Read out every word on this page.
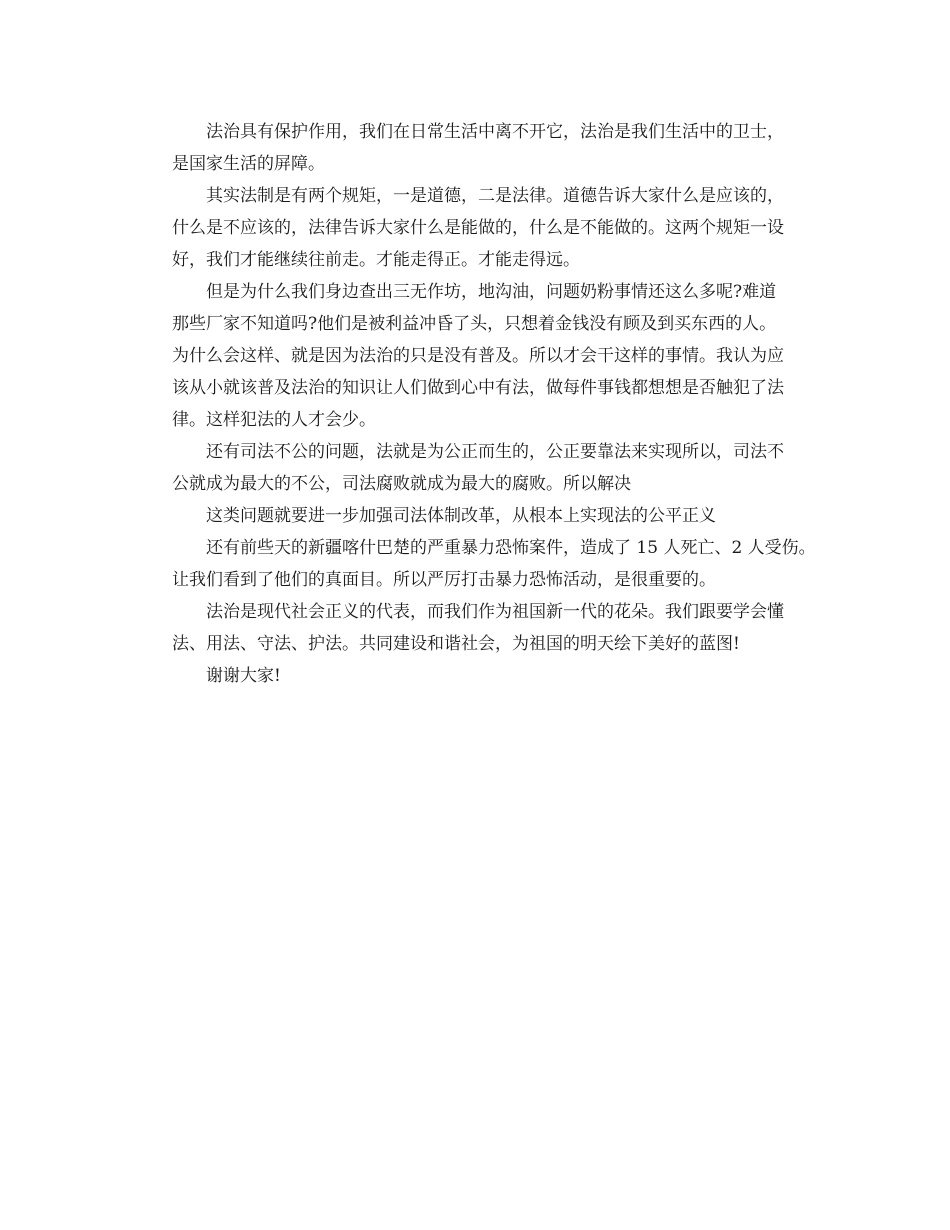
法治具有保护作用，我们在日常生活中离不开它，法治是我们生活中的卫士，
是国家生活的屏障。
其实法制是有两个规矩，一是道德，二是法律。道德告诉大家什么是应该的，
什么是不应该的，法律告诉大家什么是能做的，什么是不能做的。这两个规矩一设
好，我们才能继续往前走。才能走得正。才能走得远。
但是为什么我们身边查出三无作坊，地沟油，问题奶粉事情还这么多呢?难道
那些厂家不知道吗?他们是被利益冲昏了头，只想着金钱没有顾及到买东西的人。
为什么会这样、就是因为法治的只是没有普及。所以才会干这样的事情。我认为应
该从小就该普及法治的知识让人们做到心中有法，做每件事钱都想想是否触犯了法
律。这样犯法的人才会少。
还有司法不公的问题，法就是为公正而生的，公正要靠法来实现所以，司法不
公就成为最大的不公，司法腐败就成为最大的腐败。所以解决
这类问题就要进一步加强司法体制改革，从根本上实现法的公平正义
还有前些天的新疆喀什巴楚的严重暴力恐怖案件，造成了 15 人死亡、2 人受伤。
让我们看到了他们的真面目。所以严厉打击暴力恐怖活动，是很重要的。
法治是现代社会正义的代表，而我们作为祖国新一代的花朵。我们跟要学会懂
法、用法、守法、护法。共同建设和谐社会，为祖国的明天绘下美好的蓝图!
谢谢大家!
